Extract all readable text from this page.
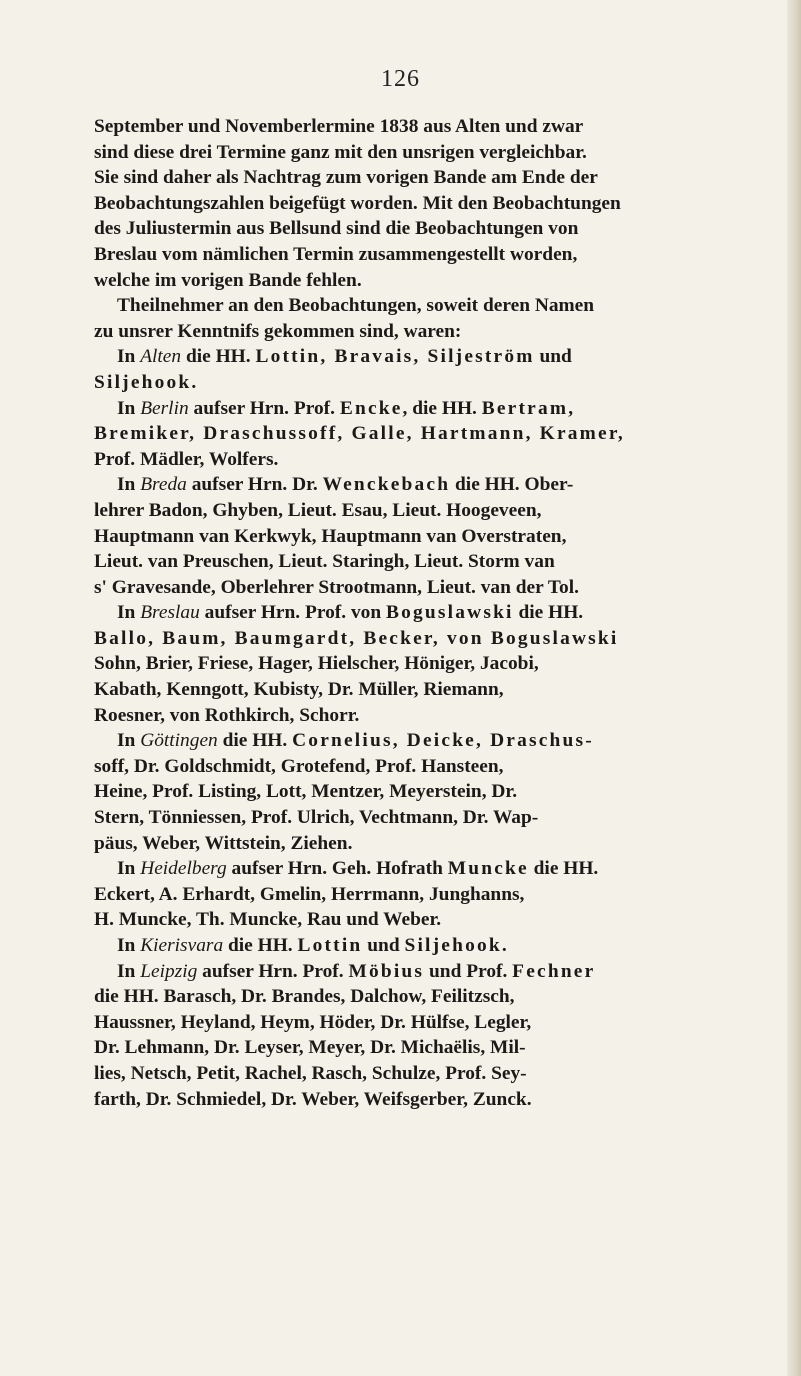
126
September und Novemberlermine 1838 aus Alten und zwar
sind diese drei Termine ganz mit den unsrigen vergleichbar.
Sie sind daher als Nachtrag zum vorigen Bande am Ende der
Beobachtungszahlen beigefügt worden. Mit den Beobachtungen
des Juliustermin aus Bellsund sind die Beobachtungen von
Breslau vom nämlichen Termin zusammengestellt worden,
welche im vorigen Bande fehlen.
Theilnehmer an den Beobachtungen, soweit deren Namen
zu unsrer Kenntnifs gekommen sind, waren:
In Alten die HH. Lottin, Bravais, Siljeström und
Siljehook.
In Berlin aufser Hrn. Prof. Encke, die HH. Bertram,
Bremiker, Draschussoff, Galle, Hartmann, Kramer,
Prof. Mädler, Wolfers.
In Breda aufser Hrn. Dr. Wenckebach die HH. Ober-
lehrer Badon, Ghyben, Lieut. Esau, Lieut. Hoogeveen,
Hauptmann van Kerkwyk, Hauptmann van Overstraten,
Lieut. van Preuschen, Lieut. Staringh, Lieut. Storm van
s' Gravesande, Oberlehrer Strootmann, Lieut. van der Tol.
In Breslau aufser Hrn. Prof. von Boguslawski die HH.
Ballo, Baum, Baumgardt, Becker, von Boguslawski
Sohn, Brier, Friese, Hager, Hielscher, Höniger, Jacobi,
Kabath, Kenngott, Kubisty, Dr. Müller, Riemann,
Roesner, von Rothkirch, Schorr.
In Göttingen die HH. Cornelius, Deicke, Draschus-
soff, Dr. Goldschmidt, Grotefend, Prof. Hansteen,
Heine, Prof. Listing, Lott, Mentzer, Meyerstein, Dr.
Stern, Tönniessen, Prof. Ulrich, Vechtmann, Dr. Wap-
päus, Weber, Wittstein, Ziehen.
In Heidelberg aufser Hrn. Geh. Hofrath Muncke die HH.
Eckert, A. Erhardt, Gmelin, Herrmann, Junghanns,
H. Muncke, Th. Muncke, Rau und Weber.
In Kierisvara die HH. Lottin und Siljehook.
In Leipzig aufser Hrn. Prof. Möbius und Prof. Fechner
die HH. Barasch, Dr. Brandes, Dalchow, Feilitzsch,
Haussner, Heyland, Heym, Höder, Dr. Hülfse, Legler,
Dr. Lehmann, Dr. Leyser, Meyer, Dr. Michaëlis, Mil-
lies, Netsch, Petit, Rachel, Rasch, Schulze, Prof. Sey-
farth, Dr. Schmiedel, Dr. Weber, Weifsgerber, Zunck.
